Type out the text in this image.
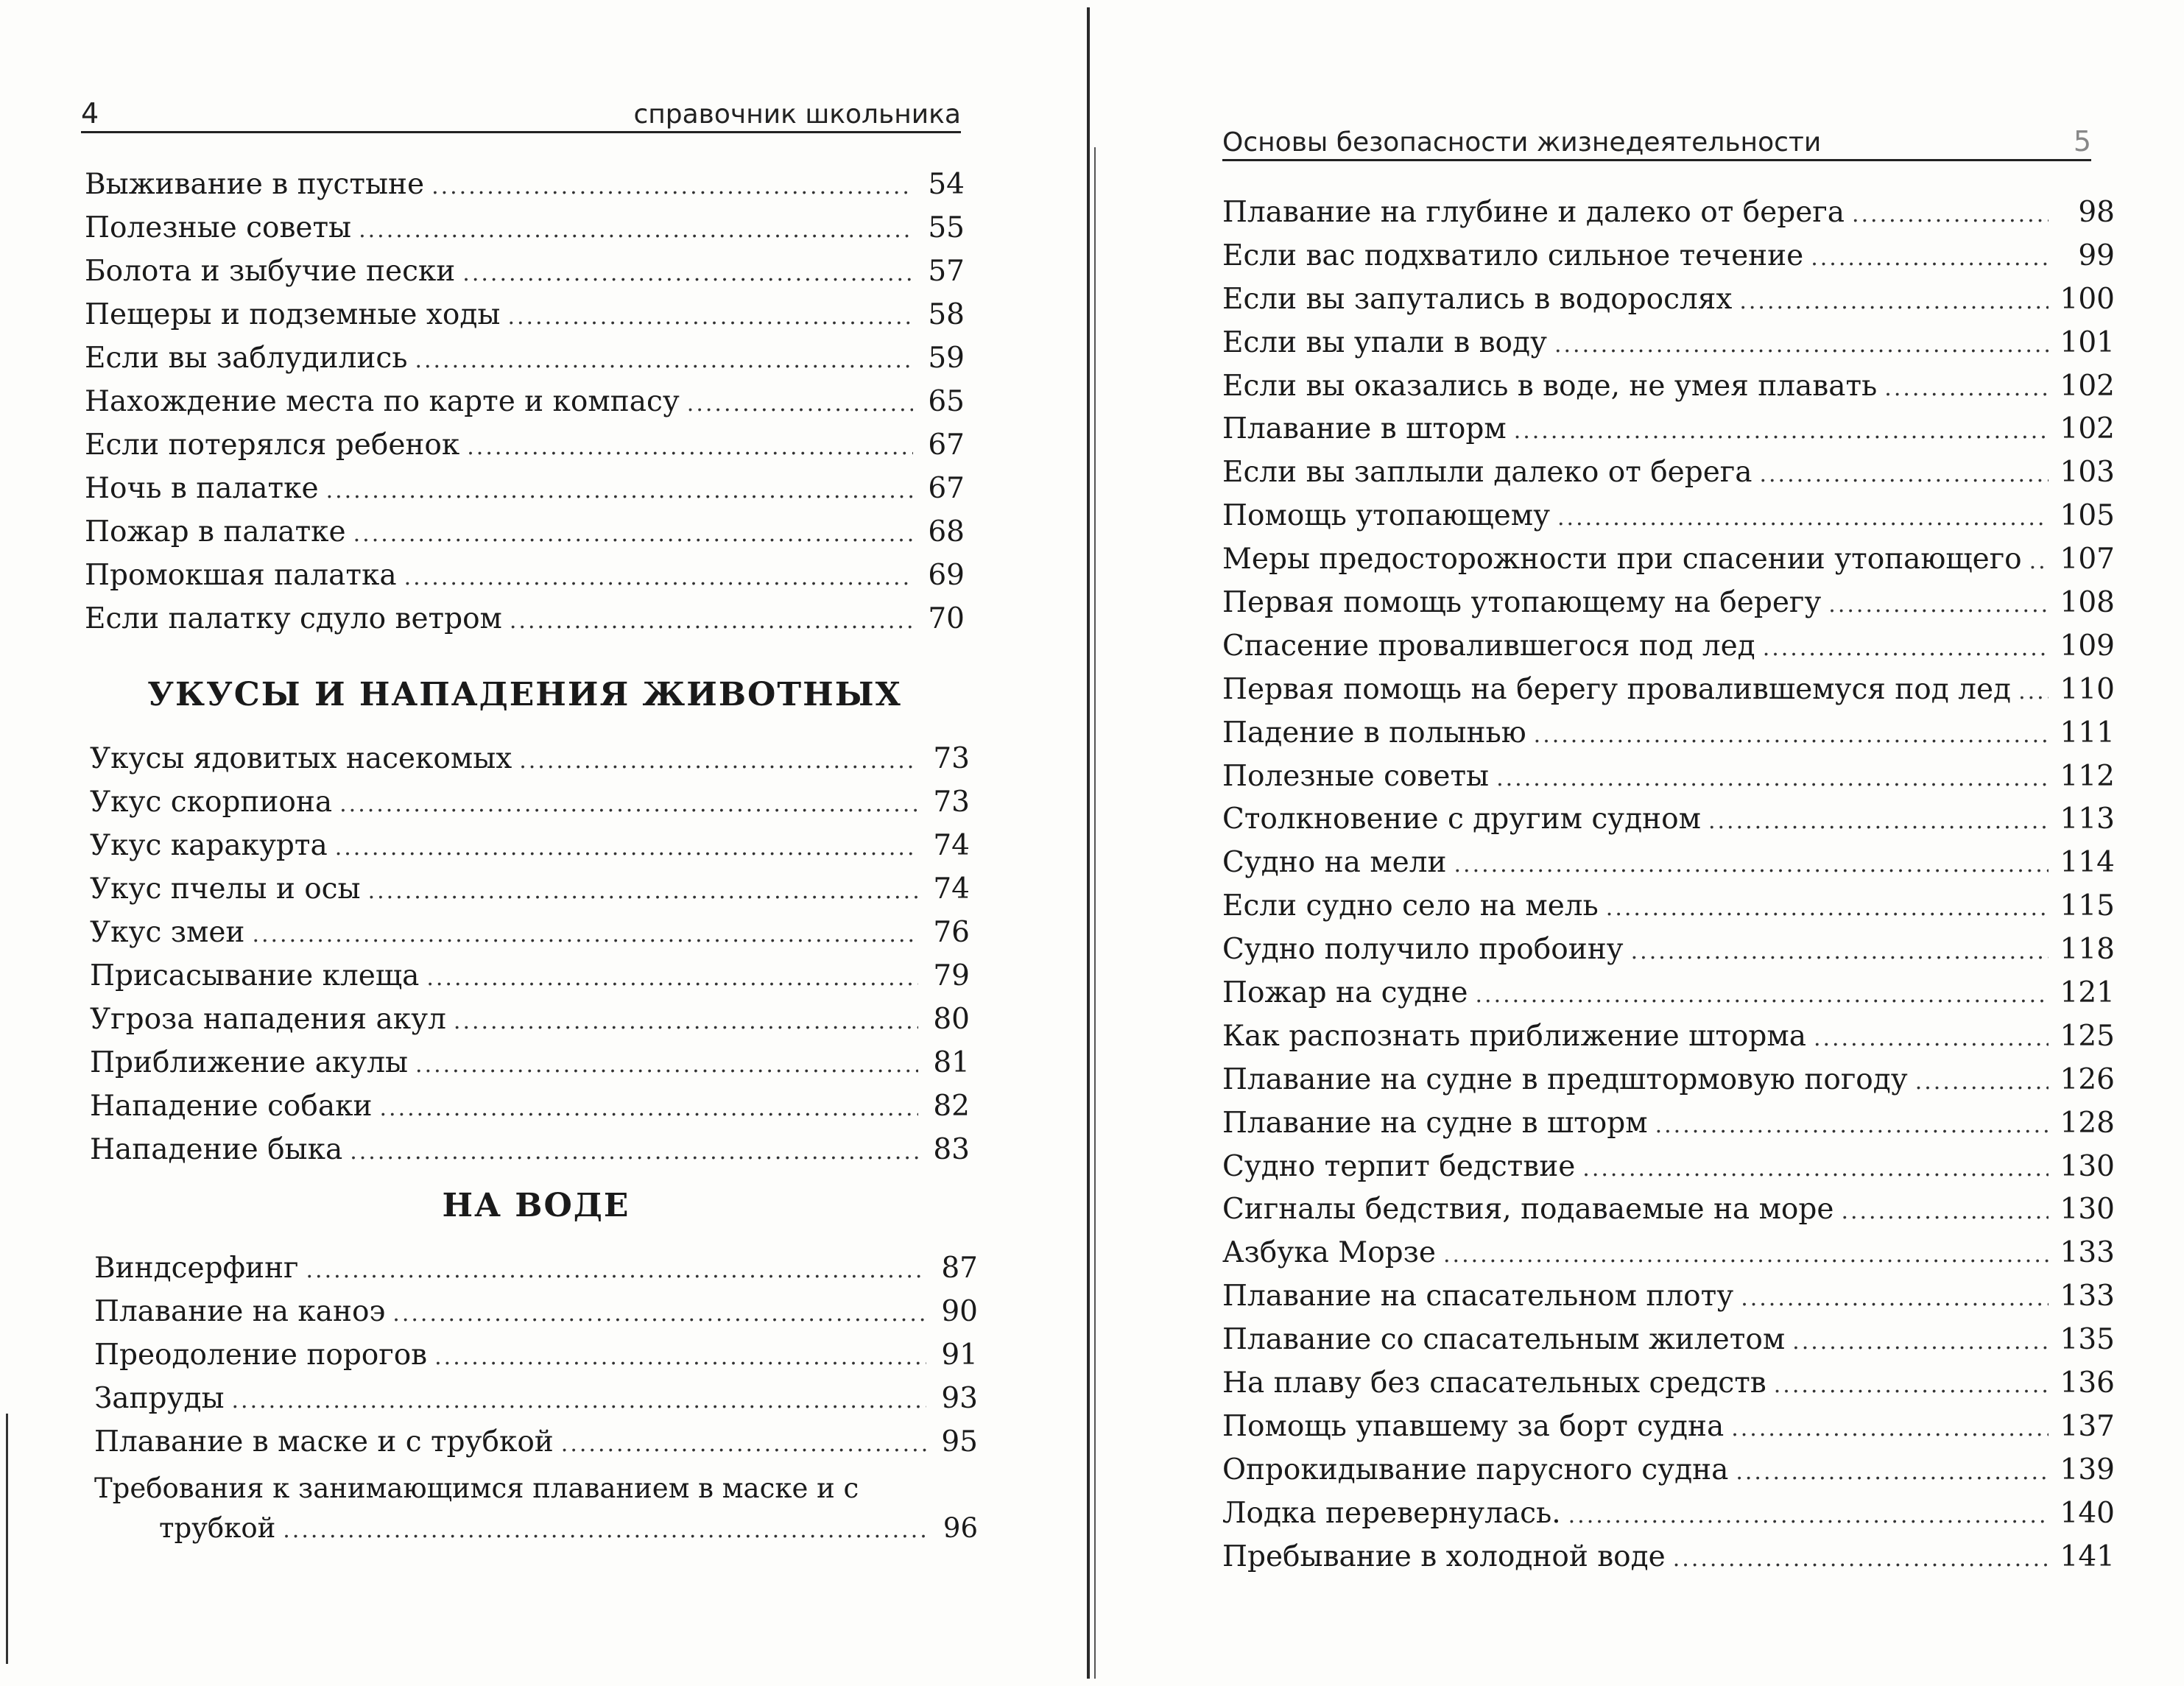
4	справочник школьника
Выживание в пустыне .....	54
Полезные советы .....	55
Болота и зыбучие пески .....	57
Пещеры и подземные ходы .....	58
Если вы заблудились .....	59
Нахождение места по карте и компасу .....	65
Если потерялся ребенок .....	67
Ночь в палатке .....	67
Пожар в палатке .....	68
Промокшая палатка .....	69
Если палатку сдуло ветром .....	70
УКУСЫ И НАПАДЕНИЯ ЖИВОТНЫХ
Укусы ядовитых насекомых .....	73
Укус скорпиона .....	73
Укус каракурта .....	74
Укус пчелы и осы .....	74
Укус змеи .....	76
Присасывание клеща .....	79
Угроза нападения акул .....	80
Приближение акулы .....	81
Нападение собаки .....	82
Нападение быка .....	83
НА ВОДЕ
Виндсерфинг .....	87
Плавание на каноэ .....	90
Преодоление порогов .....	91
Запруды .....	93
Плавание в маске и с трубкой .....	95
Требования к занимающимся плаванием в маске и с
трубкой .....	96
Основы безопасности жизнедеятельности	5
Плавание на глубине и далеко от берега .....	98
Если вас подхватило сильное течение .....	99
Если вы запутались в водорослях .....	100
Если вы упали в воду .....	101
Если вы оказались в воде, не умея плавать .....	102
Плавание в шторм .....	102
Если вы заплыли далеко от берега .....	103
Помощь утопающему .....	105
Меры предосторожности при спасении утопающего ..... 107
Первая помощь утопающему на берегу .....	108
Спасение провалившегося под лед .....	109
Первая помощь на берегу провалившемуся под лед ..... 110
Падение в полынью .....	111
Полезные советы .....	112
Столкновение с другим судном .....	113
Судно на мели .....	114
Если судно село на мель .....	115
Судно получило пробоину .....	118
Пожар на судне .....	121
Как распознать приближение шторма .....	125
Плавание на судне в предштормовую погоду .....	126
Плавание на судне в шторм .....	128
Судно терпит бедствие .....	130
Сигналы бедствия, подаваемые на море .....	130
Азбука Морзе .....	133
Плавание на спасательном плоту .....	133
Плавание со спасательным жилетом .....	135
На плаву без спасательных средств .....	136
Помощь упавшему за борт судна .....	137
Опрокидывание парусного судна .....	139
Лодка перевернулась. .....	140
Пребывание в холодной воде .....	141
